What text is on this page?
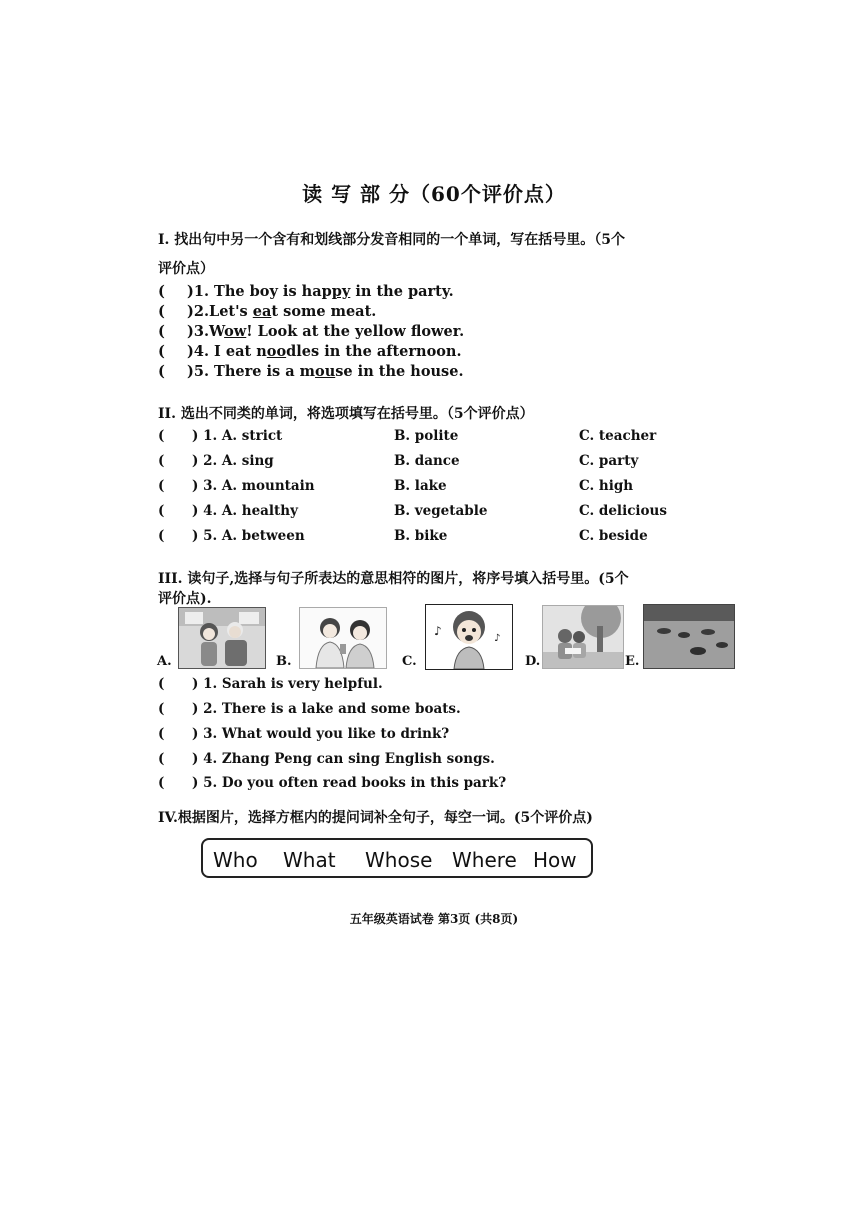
读 写 部 分（60个评价点）
I. 找出句中另一个含有和划线部分发音相同的一个单词，写在括号里。（5个
评价点）
( )1. The boy is happy in the party.
( )2.Let's eat some meat.
( )3.Wow! Look at the yellow flower.
( )4. I eat noodles in the afternoon.
( )5. There is a mouse in the house.
II. 选出不同类的单词，将选项填写在括号里。（5个评价点）
( ) 1. A. strict	B. polite	C. teacher
( ) 2. A. sing	B. dance	C. party
( ) 3. A. mountain	B. lake	C. high
( ) 4. A. healthy	B. vegetable	C. delicious
( ) 5. A. between	B. bike	C. beside
III. 读句子,选择与句子所表达的意思相符的图片，将序号填入括号里。(5个
评价点).
A.	B.	C.
♪
♪
D.	E.
( ) 1. Sarah is very helpful.
( ) 2. There is a lake and some boats.
( ) 3. What would you like to drink?
( ) 4. Zhang Peng can sing English songs.
( ) 5. Do you often read books in this park?
IV.根据图片，选择方框内的提问词补全句子，每空一词。(5个评价点)
Who What Whose Where How
五年级英语试卷 第3页 (共8页)
